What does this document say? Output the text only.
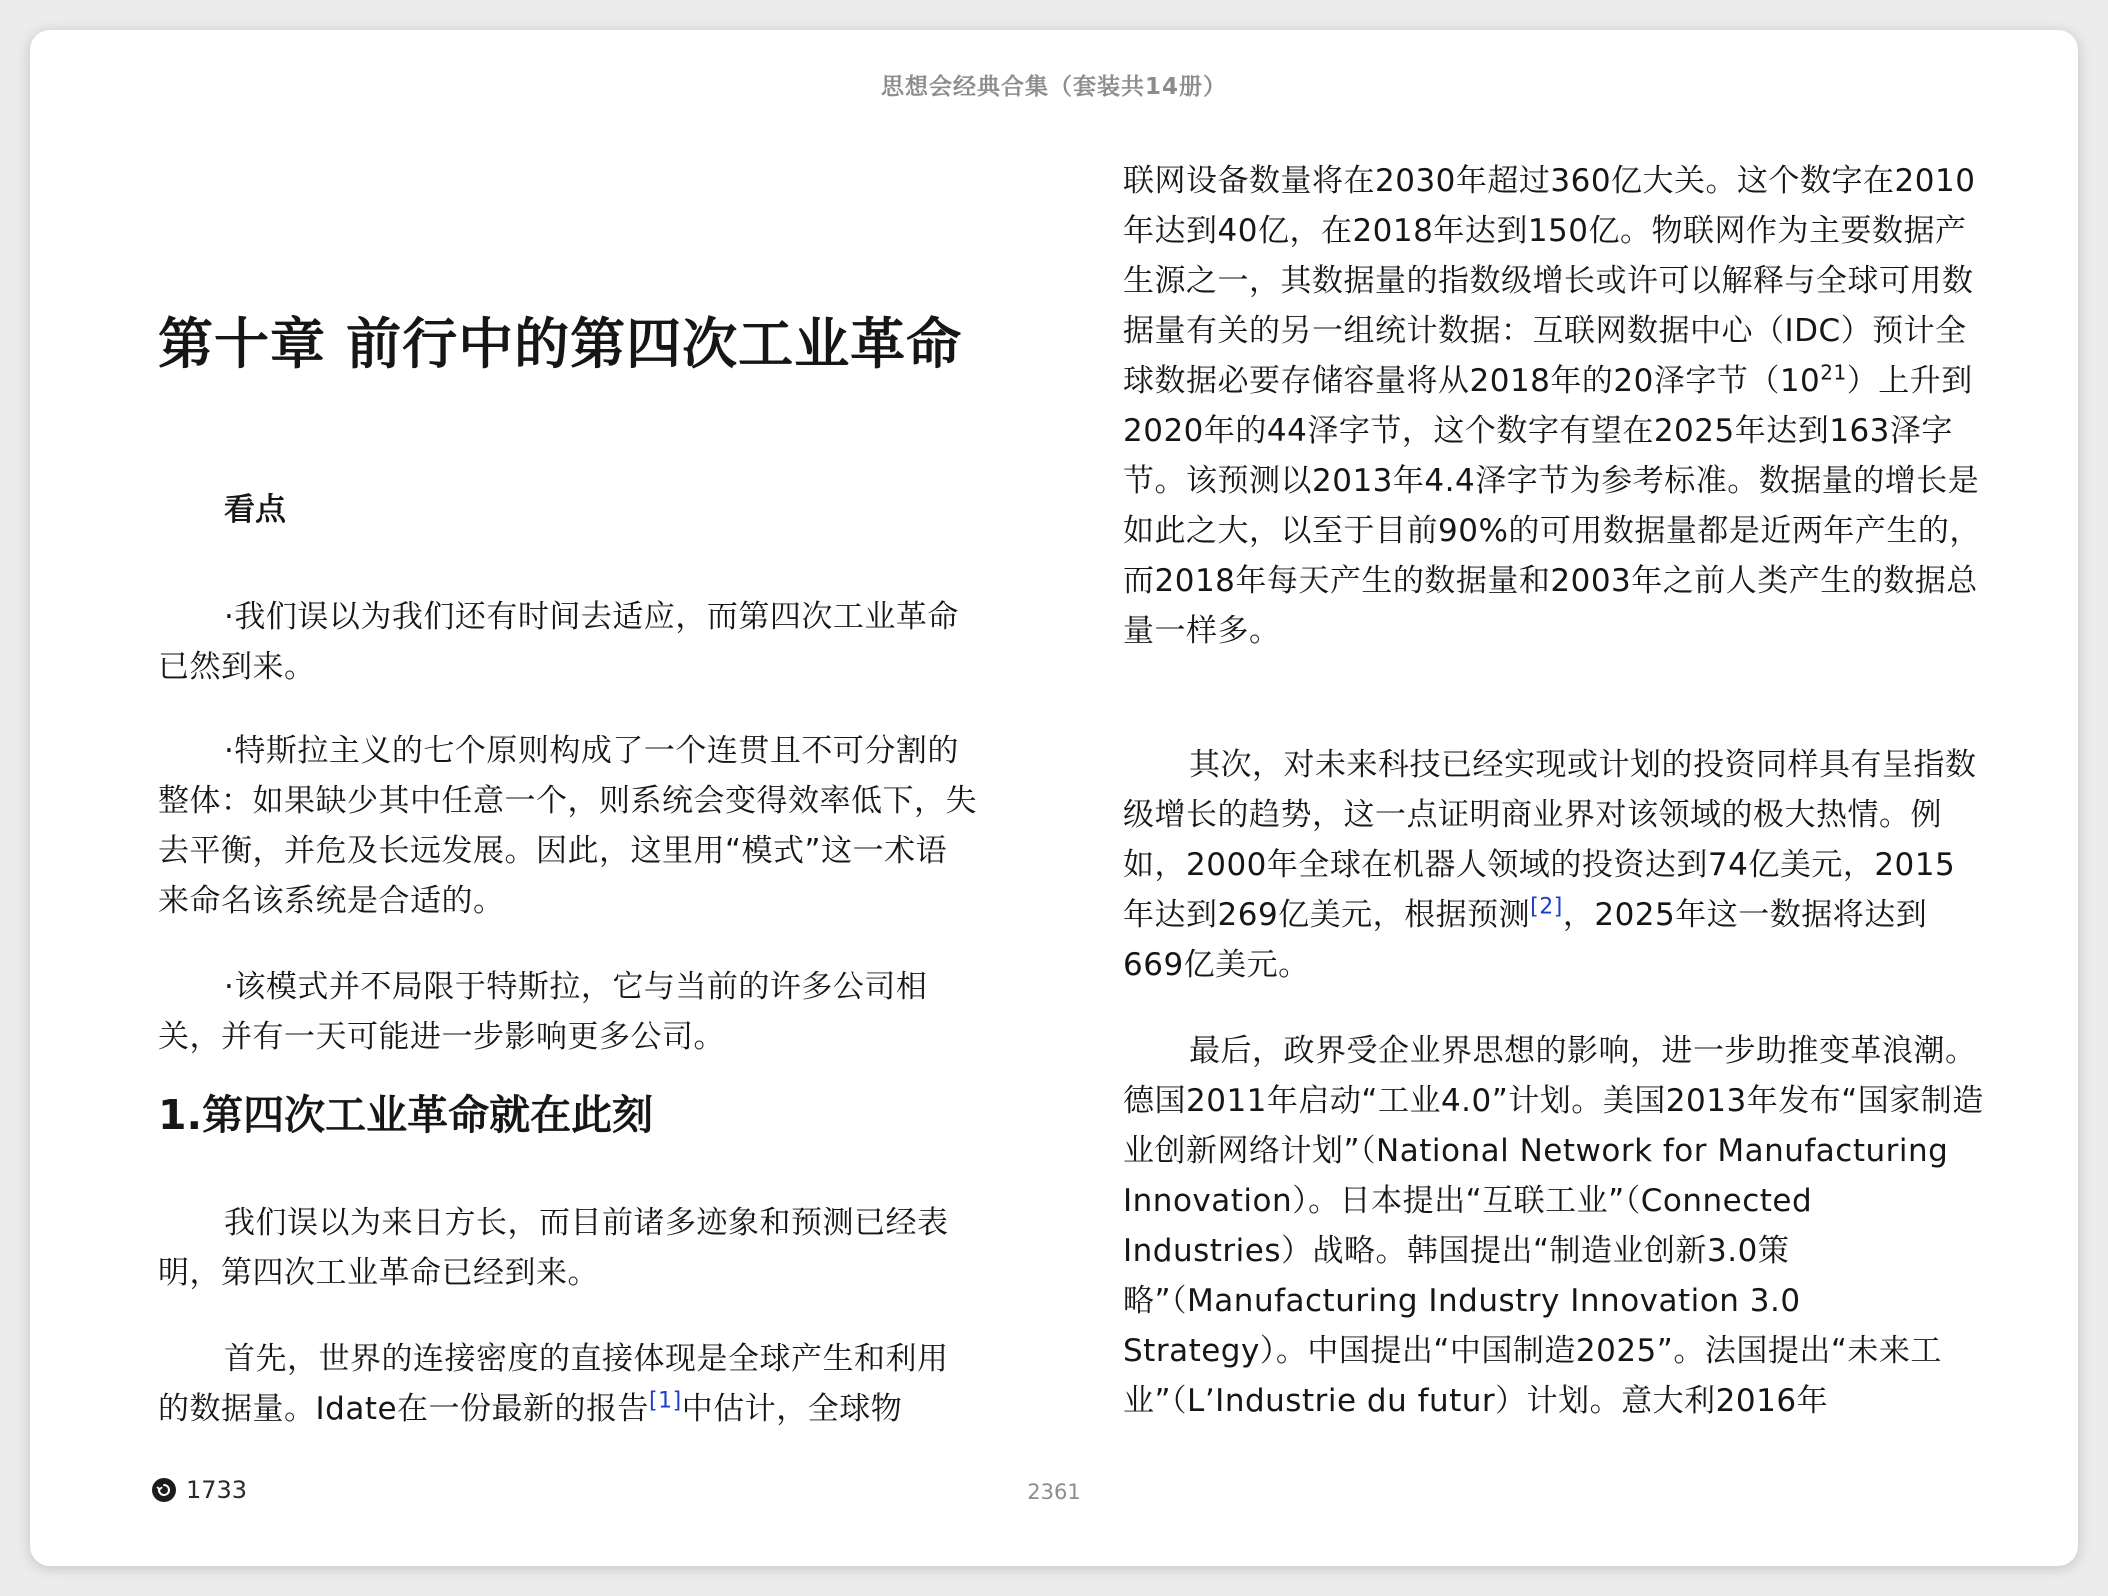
思想会经典合集（套装共14册）
第十章 前行中的第四次工业革命
看点
·我们误以为我们还有时间去适应，而第四次工业革命已然到来。
·特斯拉主义的七个原则构成了一个连贯且不可分割的整体：如果缺少其中任意一个，则系统会变得效率低下，失去平衡，并危及长远发展。因此，这里用“模式”这一术语来命名该系统是合适的。
·该模式并不局限于特斯拉，它与当前的许多公司相关，并有一天可能进一步影响更多公司。
1.第四次工业革命就在此刻
我们误以为来日方长，而目前诸多迹象和预测已经表明，第四次工业革命已经到来。
首先，世界的连接密度的直接体现是全球产生和利用的数据量。Idate在一份最新的报告[1]中估计，全球物
联网设备数量将在2030年超过360亿大关。这个数字在2010年达到40亿，在2018年达到150亿。物联网作为主要数据产生源之一，其数据量的指数级增长或许可以解释与全球可用数据量有关的另一组统计数据：互联网数据中心（IDC）预计全球数据必要存储容量将从2018年的20泽字节$(10^{21})$上升到2020年的44泽字节，这个数字有望在2025年达到163泽字节。该预测以2013年4.4泽字节为参考标准。数据量的增长是如此之大，以至于目前90%的可用数据量都是近两年产生的，而2018年每天产生的数据量和2003年之前人类产生的数据总量一样多。
其次，对未来科技已经实现或计划的投资同样具有呈指数级增长的趋势，这一点证明商业界对该领域的极大热情。例如，2000年全球在机器人领域的投资达到74亿美元，2015年达到269亿美元，根据预测[2]，2025年这一数据将达到669亿美元。
最后，政界受企业界思想的影响，进一步助推变革浪潮。德国2011年启动“工业4.0”计划。美国2013年发布“国家制造业创新网络计划”（National Network for Manufacturing Innovation）。日本提出“互联工业”（Connected Industries）战略。韩国提出“制造业创新3.0策略”（Manufacturing Industry Innovation 3.0 Strategy）。中国提出“中国制造2025”。法国提出“未来工业”（L’Industrie du futur）计划。意大利2016年
1733	2361
